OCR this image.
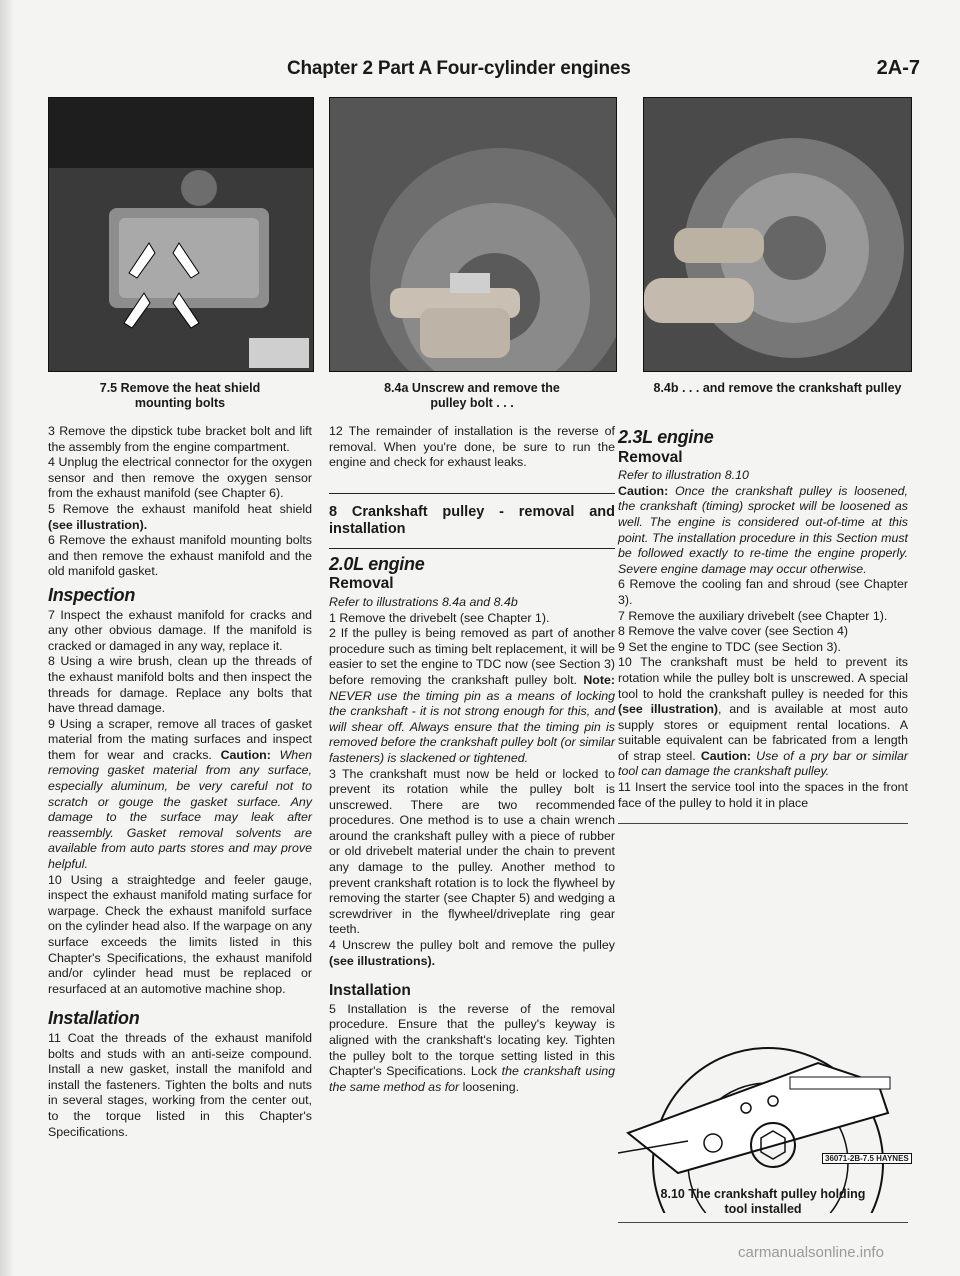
Chapter 2 Part A Four-cylinder engines	2A-7
7.5 Remove the heat shield
mounting bolts
8.4a Unscrew and remove the
pulley bolt . . .
8.4b . . . and remove the crankshaft pulley

3 Remove the dipstick tube bracket bolt and lift the assembly from the engine compartment.

4 Unplug the electrical connector for the oxygen sensor and then remove the oxygen sensor from the exhaust manifold (see Chapter 6).

5 Remove the exhaust manifold heat shield (see illustration).

6 Remove the exhaust manifold mounting bolts and then remove the exhaust manifold and the old manifold gasket.

Inspection

7 Inspect the exhaust manifold for cracks and any other obvious damage. If the manifold is cracked or damaged in any way, replace it.

8 Using a wire brush, clean up the threads of the exhaust manifold bolts and then inspect the threads for damage. Replace any bolts that have thread damage.

9 Using a scraper, remove all traces of gasket material from the mating surfaces and inspect them for wear and cracks. Caution: When removing gasket material from any surface, especially aluminum, be very careful not to scratch or gouge the gasket surface. Any damage to the surface may leak after reassembly. Gasket removal solvents are available from auto parts stores and may prove helpful.

10 Using a straightedge and feeler gauge, inspect the exhaust manifold mating surface for warpage. Check the exhaust manifold surface on the cylinder head also. If the warpage on any surface exceeds the limits listed in this Chapter's Specifications, the exhaust manifold and/or cylinder head must be replaced or resurfaced at an automotive machine shop.

Installation

11 Coat the threads of the exhaust manifold bolts and studs with an anti-seize compound. Install a new gasket, install the manifold and install the fasteners. Tighten the bolts and nuts in several stages, working from the center out, to the torque listed in this Chapter's Specifications.

12 The remainder of installation is the reverse of removal. When you're done, be sure to run the engine and check for exhaust leaks.

8 Crankshaft pulley - removal and installation
2.0L engine
Removal

Refer to illustrations 8.4a and 8.4b

1 Remove the drivebelt (see Chapter 1).

2 If the pulley is being removed as part of another procedure such as timing belt replacement, it will be easier to set the engine to TDC now (see Section 3) before removing the crankshaft pulley bolt. Note: NEVER use the timing pin as a means of locking the crankshaft - it is not strong enough for this, and will shear off. Always ensure that the timing pin is removed before the crankshaft pulley bolt (or similar fasteners) is slackened or tightened.

3 The crankshaft must now be held or locked to prevent its rotation while the pulley bolt is unscrewed. There are two recommended procedures. One method is to use a chain wrench around the crankshaft pulley with a piece of rubber or old drivebelt material under the chain to prevent any damage to the pulley. Another method to prevent crankshaft rotation is to lock the flywheel by removing the starter (see Chapter 5) and wedging a screwdriver in the flywheel/driveplate ring gear teeth.

4 Unscrew the pulley bolt and remove the pulley (see illustrations).

Installation

5 Installation is the reverse of the removal procedure. Ensure that the pulley's keyway is aligned with the crankshaft's locating key. Tighten the pulley bolt to the torque setting listed in this Chapter's Specifications. Lock the crankshaft using the same method as for loosening.

2.3L engine
Removal

Refer to illustration 8.10

Caution: Once the crankshaft pulley is loosened, the crankshaft (timing) sprocket will be loosened as well. The engine is considered out-of-time at this point. The installation procedure in this Section must be followed exactly to re-time the engine properly. Severe engine damage may occur otherwise.

6 Remove the cooling fan and shroud (see Chapter 3).

7 Remove the auxiliary drivebelt (see Chapter 1).

8 Remove the valve cover (see Section 4)

9 Set the engine to TDC (see Section 3).

10 The crankshaft must be held to prevent its rotation while the pulley bolt is unscrewed. A special tool to hold the crankshaft pulley is needed for this (see illustration), and is available at most auto supply stores or equipment rental locations. A suitable equivalent can be fabricated from a length of strap steel. Caution: Use of a pry bar or similar tool can damage the crankshaft pulley.

11 Insert the service tool into the spaces in the front face of the pulley to hold it in place

36071-2B-7.5 HAYNES
8.10 The crankshaft pulley holding
tool installed
carmanualsonline.info
